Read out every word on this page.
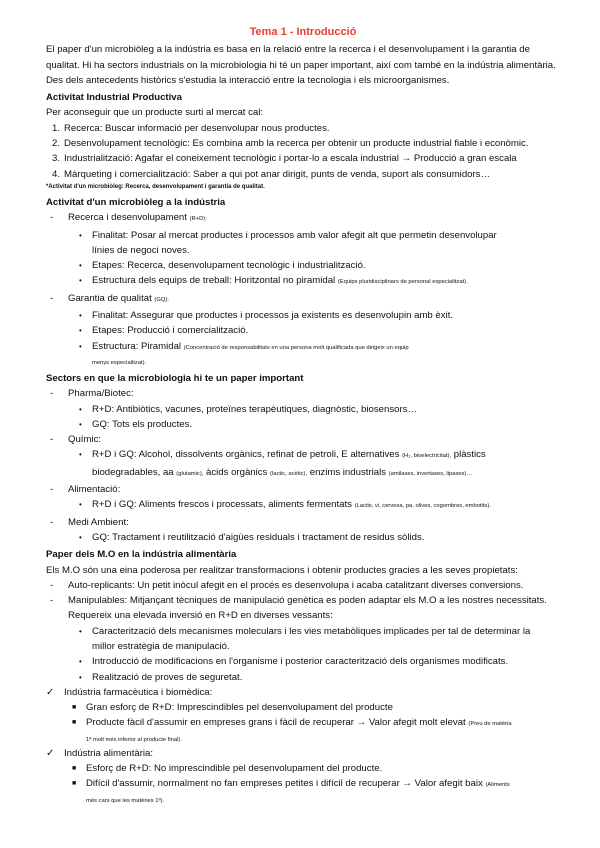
Tema 1 - Introducció

El paper d'un microbiòleg a la indústria es basa en la relació entre la recerca i el desenvolupament i la garantia de qualitat. Hi ha sectors industrials on la microbiologia hi té un paper important, així com també en la indústria alimentària. Des dels antecedents històrics s'estudia la interacció entre la tecnologia i els microorganismes.

Activitat Industrial Productiva

Per aconseguir que un producte surti al mercat cal:

1. Recerca: Buscar informació per desenvolupar nous productes.
2. Desenvolupament tecnològic: Es combina amb la recerca per obtenir un producte industrial fiable i econòmic.
3. Industrialització: Agafar el coneixement tecnològic i portar-lo a escala industrial → Producció a gran escala
4. Màrqueting i comercialització: Saber a qui pot anar dirigit, punts de venda, suport als consumidors…

*Activitat d'un microbiòleg: Recerca, desenvolupament i garantia de qualitat.

Activitat d'un microbiòleg a la indústria

- Recerca i desenvolupament (R+D):
• Finalitat: Posar al mercat productes i processos amb valor afegit alt que permetin desenvolupar
línies de negoci noves.
• Etapes: Recerca, desenvolupament tecnològic i industrialització.
• Estructura dels equips de treball: Horitzontal no piramidal (Equips pluridisciplinars de personal especialitzat).
- Garantia de qualitat (GQ):
• Finalitat: Assegurar que productes i processos ja existents es desenvolupin amb èxit.
• Etapes: Producció i comercialització.
• Estructura: Piramidal (Concentració de responsabilitats en una persona molt qualificada que dirigeix un equip
menys especialitzat).

Sectors en que la microbiologia hi te un paper important

- Pharma/Biotec:
• R+D: Antibiòtics, vacunes, proteïnes terapèutiques, diagnòstic, biosensors…
• GQ: Tots els productes.
- Químic:
• R+D i GQ: Alcohol, dissolvents orgànics, refinat de petroli, E alternatives (H₂, bioelectricitat), plàstics
biodegradables, aa (glutamic), àcids orgànics (lactic, acètic), enzims industrials (amilases, invertases, lipases)…
- Alimentació:
• R+D i GQ: Aliments frescos i processats, aliments fermentats (Lactis, vi, cervesa, pa, olives, cogombres, embotits).
- Medi Ambient:
• GQ: Tractament i reutilització d'aigües residuals i tractament de residus sòlids.

Paper dels M.O en la indústria alimentària

Els M.O són una eina poderosa per realitzar transformacions i obtenir productes gracies a les seves propietats:

- Auto-replicants: Un petit inòcul afegit en el procés es desenvolupa i acaba catalitzant diverses conversions.
- Manipulables: Mitjançant tècniques de manipulació genètica es poden adaptar els M.O a les nostres necessitats.
Requereix una elevada inversió en R+D en diverses vessants:
• Caracterització dels mecanismes moleculars i les vies metabòliques implicades per tal de determinar la
millor estratègia de manipulació.
• Introducció de modificacions en l'organisme i posterior caracterització dels organismes modificats.
• Realització de proves de seguretat.
✓ Indústria farmacèutica i biomèdica:
■ Gran esforç de R+D: Imprescindibles pel desenvolupament del producte
■ Producte fàcil d'assumir en empreses grans i fàcil de recuperar → Valor afegit molt elevat (Preu de matèria
1ª molt més inferior al producte final).
✓ Indústria alimentària:
■ Esforç de R+D: No imprescindible pel desenvolupament del producte.
■ Difícil d'assumir, normalment no fan empreses petites i difícil de recuperar → Valor afegit baix (Aliments
més cars que les matèries 1ª).
